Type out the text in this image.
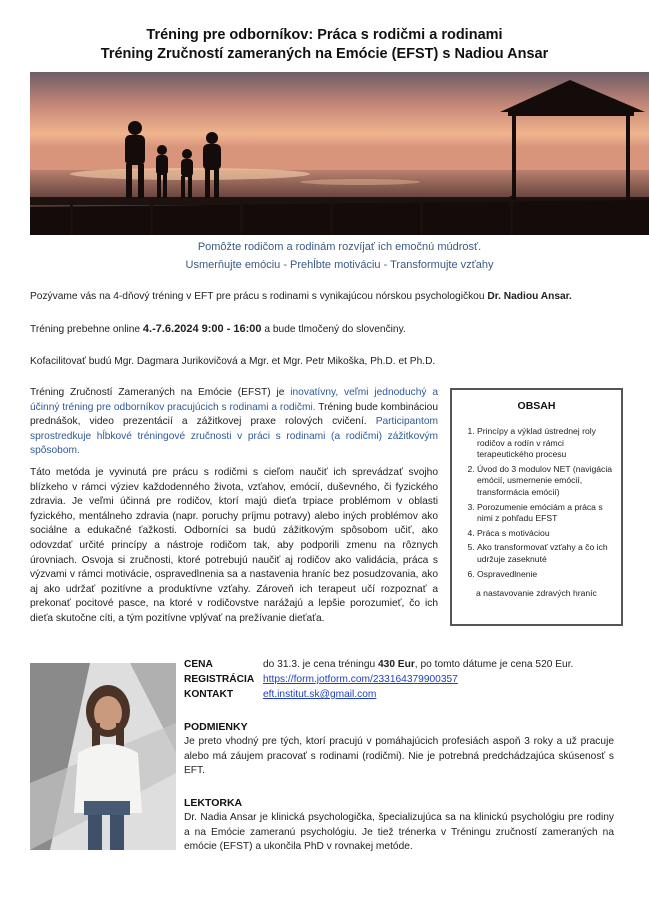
Tréning pre odborníkov: Práca s rodičmi a rodinami
Tréning Zručností zameraných na Emócie (EFST) s Nadiou Ansar
Pomôžte rodičom a rodinám rozvíjať ich emočnú múdrosť.
Usmerňujte emóciu - Prehĺbte motiváciu - Transformujte vzťahy
Pozývame vás na 4-dňový tréning v EFT pre prácu s rodinami s vynikajúcou nórskou psychologičkou Dr. Nadiou Ansar.
Tréning prebehne online 4.-7.6.2024 9:00 - 16:00 a bude tlmočený do slovenčiny.
Kofacilitovať budú Mgr. Dagmara Jurikovičová a Mgr. et Mgr. Petr Mikoška, Ph.D. et Ph.D.
Tréning Zručností Zameraných na Emócie (EFST) je inovatívny, veľmi jednoduchý a účinný tréning pre odborníkov pracujúcich s rodinami a rodičmi. Tréning bude kombináciou prednášok, video prezentácií a zážitkovej praxe rolových cvičení. Participantom sprostredkuje hĺbkové tréningové zručnosti v práci s rodinami (a rodičmi) zážitkovým spôsobom.
Táto metóda je vyvinutá pre prácu s rodičmi s cieľom naučiť ich sprevádzať svojho blízkeho v rámci výziev každodenného života, vzťahov, emócií, duševného, či fyzického zdravia. Je veľmi účinná pre rodičov, ktorí majú dieťa trpiace problémom v oblasti fyzického, mentálneho zdravia (napr. poruchy príjmu potravy) alebo iných problémov ako sociálne a edukačné ťažkosti. Odborníci sa budú zážitkovým spôsobom učiť, ako odovzdať určité princípy a nástroje rodičom tak, aby podporili zmenu na rôznych úrovniach. Osvoja si zručnosti, ktoré potrebujú naučiť aj rodičov ako validácia, práca s výzvami v rámci motivácie, ospravedlnenia sa a nastavenia hraníc bez posudzovania, ako aj ako udržať pozitívne a produktívne vzťahy. Zároveň ich terapeut učí rozpoznať a prekonať pocitové pasce, na ktoré v rodičovstve narážajú a lepšie porozumieť, čo ich dieťa skutočne cíti, a tým pozitívne vplývať na prežívanie dieťaťa.
OBSAH
1. Princípy a výklad ústrednej roly rodičov a rodín v rámci terapeutického procesu
2. Úvod do 3 modulov NET (navigácia emócií, usmernenie emócií, transformácia emócií)
3. Porozumenie emóciám a práca s nimi z pohľadu EFST
4. Práca s motiváciou
5. Ako transformovať vzťahy a čo ich udržuje zaseknuté
6. Ospravedlnenie
a nastavovanie zdravých hraníc
CENA	do 31.3. je cena tréningu 430 Eur, po tomto dátume je cena 520 Eur.
REGISTRÁCIA https://form.jotform.com/233164379900357
KONTAKT	eft.institut.sk@gmail.com
PODMIENKY
Je preto vhodný pre tých, ktorí pracujú v pomáhajúcich profesiách aspoň 3 roky a už pracuje alebo má záujem pracovať s rodinami (rodičmi). Nie je potrebná predchádzajúca skúsenosť s EFT.
LEKTORKA
Dr. Nadia Ansar je klinická psychologička, špecializujúca sa na klinickú psychológiu pre rodiny a na Emócie zameranú psychológiu. Je tiež trénerka v Tréningu zručností zameraných na emócie (EFST) a ukončila PhD v rovnakej metóde.
